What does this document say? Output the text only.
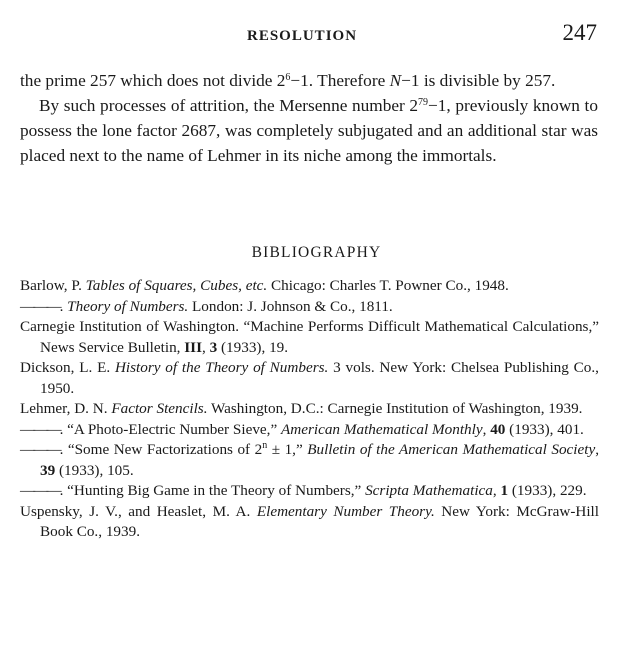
RESOLUTION	247

the prime 257 which does not divide $2^6-1$. Therefore N−1 is divisible by 257.

By such processes of attrition, the Mersenne number $2^{79}-1$, previously known to possess the lone factor 2687, was completely subjugated and an additional star was placed next to the name of Lehmer in its niche among the immortals.

BIBLIOGRAPHY
Barlow, P. Tables of Squares, Cubes, etc. Chicago: Charles T. Powner Co., 1948.
———. Theory of Numbers. London: J. Johnson & Co., 1811.
Carnegie Institution of Washington. “Machine Performs Difficult Mathematical Calculations,” News Service Bulletin, III, 3 (1933), 19.
Dickson, L. E. History of the Theory of Numbers. 3 vols. New York: Chelsea Publishing Co., 1950.
Lehmer, D. N. Factor Stencils. Washington, D.C.: Carnegie Institution of Washington, 1939.
———. “A Photo-Electric Number Sieve,” American Mathematical Monthly, 40 (1933), 401.
———. “Some New Factorizations of $2^n \pm 1$,” Bulletin of the American Mathematical Society, 39 (1933), 105.
———. “Hunting Big Game in the Theory of Numbers,” Scripta Mathematica, 1 (1933), 229.
Uspensky, J. V., and Heaslet, M. A. Elementary Number Theory. New York: McGraw-Hill Book Co., 1939.
